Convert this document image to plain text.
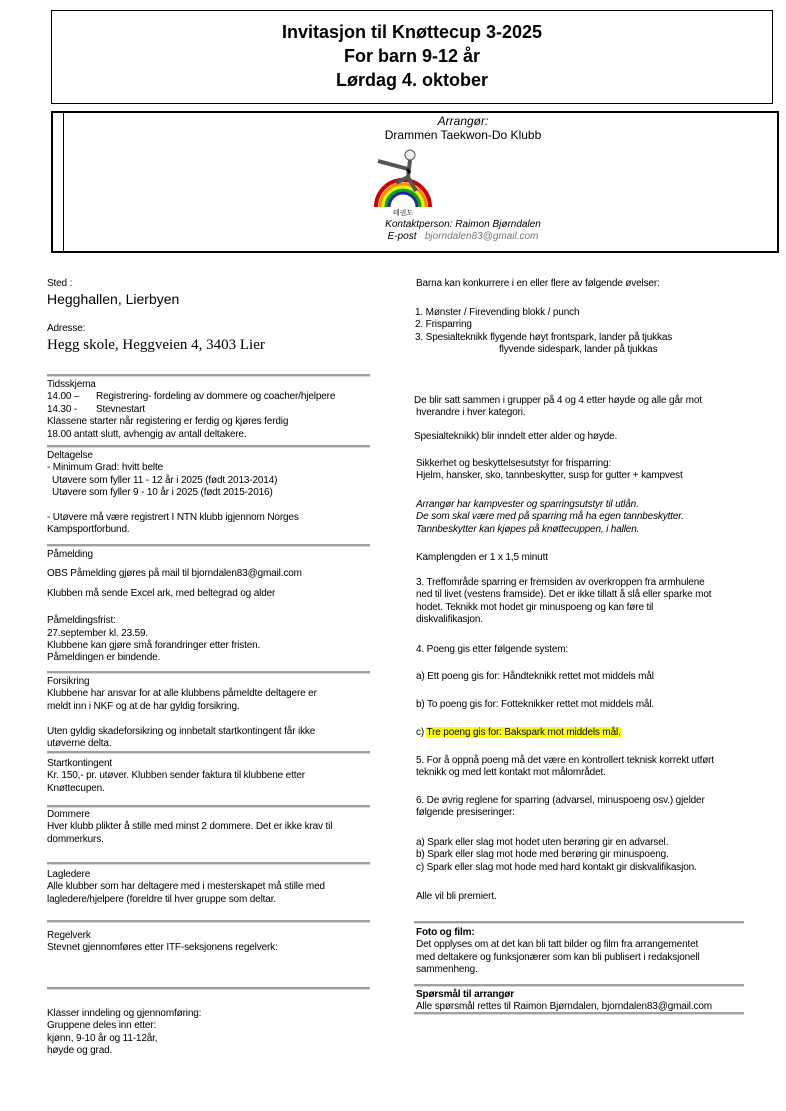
Invitasjon til Knøttecup 3-2025
For barn 9-12 år
Lørdag 4. oktober
Arrangør:
Drammen Taekwon-Do Klubb
태권도
Kontaktperson: Raimon Bjørndalen
E-post bjorndalen83@gmail.com
Sted :
Hegghallen, Lierbyen
Adresse:
Hegg skole, Heggveien 4, 3403 Lier
Tidsskjema
14.00 – Registrering- fordeling av dommere og coacher/hjelpere
14.30 - Stevnestart
Klassene starter når registering er ferdig og kjøres ferdig
18.00 antatt slutt, avhengig av antall deltakere.
Deltagelse
- Minimum Grad: hvitt belte
Utøvere som fyller 11 - 12 år i 2025 (født 2013-2014)
Utøvere som fyller 9 - 10 år i 2025 (født 2015-2016)
- Utøvere må være registrert I NTN klubb igjennom Norges
Kampsportforbund.
Påmelding
OBS Påmelding gjøres på mail til bjorndalen83@gmail.com
Klubben må sende Excel ark, med beltegrad og alder
Påmeldingsfrist:
27.september kl. 23.59.
Klubbene kan gjøre små forandringer etter fristen.
Påmeldingen er bindende.
Forsikring
Klubbene har ansvar for at alle klubbens påmeldte deltagere er
meldt inn i NKF og at de har gyldig forsikring.
Uten gyldig skadeforsikring og innbetalt startkontingent får ikke
utøverne delta.
Startkontingent
Kr. 150,- pr. utøver. Klubben sender faktura til klubbene etter
Knøttecupen.
Dommere
Hver klubb plikter å stille med minst 2 dommere. Det er ikke krav til
dommerkurs.
Lagledere
Alle klubber som har deltagere med i mesterskapet må stille med
lagledere/hjelpere (foreldre til hver gruppe som deltar.
Regelverk
Stevnet gjennomføres etter ITF-seksjonens regelverk:
Klasser inndeling og gjennomføring:
Gruppene deles inn etter:
kjønn, 9-10 år og 11-12år,
høyde og grad.
Barna kan konkurrere i en eller flere av følgende øvelser:
1. Mønster / Firevending blokk / punch
2. Frisparring
3. Spesialteknikk flygende høyt frontspark, lander på tjukkas
flyvende sidespark, lander på tjukkas
De blir satt sammen i grupper på 4 og 4 etter høyde og alle går mot
hverandre i hver kategori.
Spesialteknikk) blir inndelt etter alder og høyde.
Sikkerhet og beskyttelsesutstyr for frisparring:
Hjelm, hansker, sko, tannbeskytter, susp for gutter + kampvest
Arrangør har kampvester og sparringsutstyr til utlån.
De som skal være med på sparring må ha egen tannbeskytter.
Tannbeskytter kan kjøpes på knøttecuppen, i hallen.
Kamplengden er 1 x 1,5 minutt
3. Treffområde sparring er fremsiden av overkroppen fra armhulene
ned til livet (vestens framside). Det er ikke tillatt å slå eller sparke mot
hodet. Teknikk mot hodet gir minuspoeng og kan føre til
diskvalifikasjon.
4. Poeng gis etter følgende system:
a) Ett poeng gis for: Håndteknikk rettet mot middels mål
b) To poeng gis for: Fotteknikker rettet mot middels mål.
c) Tre poeng gis for: Bakspark mot middels mål.
5. For å oppnå poeng må det være en kontrollert teknisk korrekt utført
teknikk og med lett kontakt mot målområdet.
6. De øvrig reglene for sparring (advarsel, minuspoeng osv.) gjelder
følgende presiseringer:
a) Spark eller slag mot hodet uten berøring gir en advarsel.
b) Spark eller slag mot hode med berøring gir minuspoeng.
c) Spark eller slag mot hode med hard kontakt gir diskvalifikasjon.
Alle vil bli premiert.
Foto og film:
Det opplyses om at det kan bli tatt bilder og film fra arrangementet
med deltakere og funksjonærer som kan bli publisert i redaksjonell
sammenheng.
Spørsmål til arrangør
Alle spørsmål rettes til Raimon Bjørndalen, bjorndalen83@gmail.com
